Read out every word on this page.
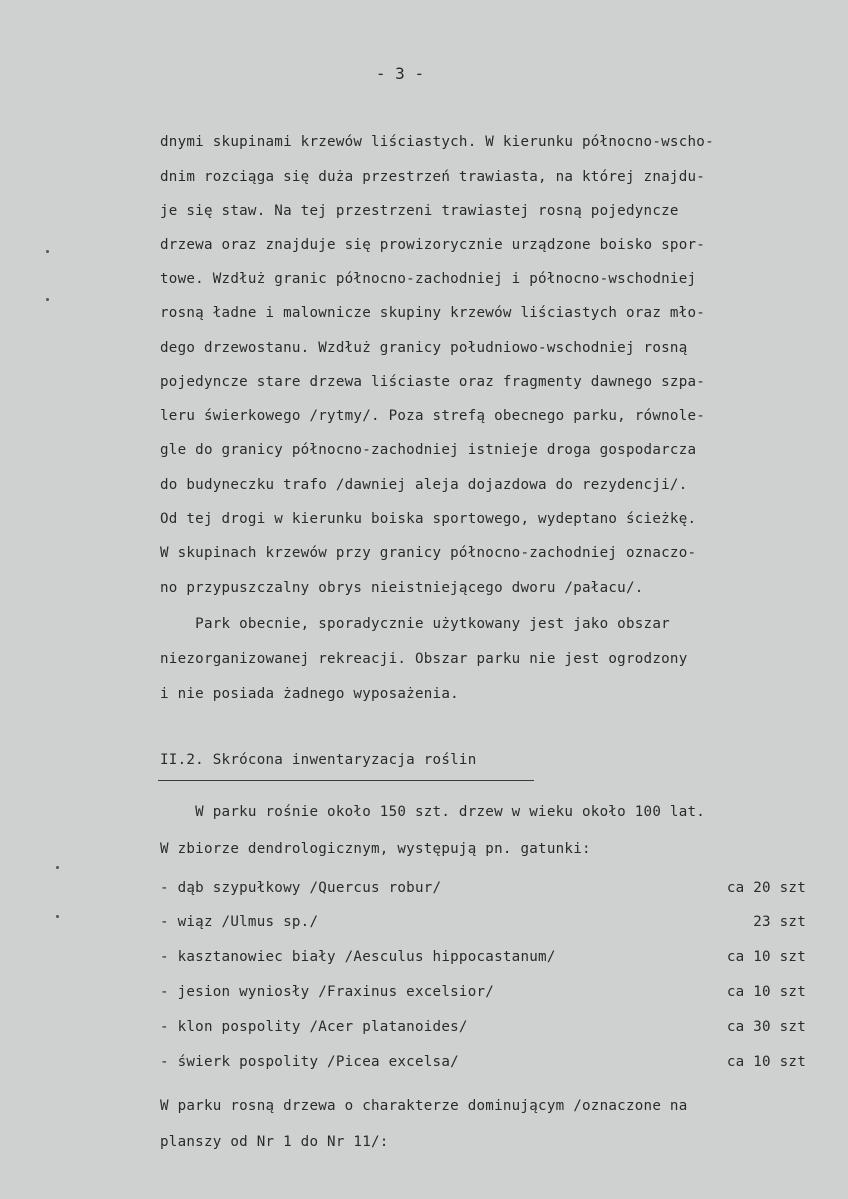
- 3 -
dnymi skupinami krzewów liściastych. W kierunku północno-wscho-
dnim rozciąga się duża przestrzeń trawiasta, na której znajdu-
je się staw. Na tej przestrzeni trawiastej rosną pojedyncze
drzewa oraz znajduje się prowizorycznie urządzone boisko spor-
towe. Wzdłuż granic północno-zachodniej i północno-wschodniej
rosną ładne i malownicze skupiny krzewów liściastych oraz mło-
dego drzewostanu. Wzdłuż granicy południowo-wschodniej rosną
pojedyncze stare drzewa liściaste oraz fragmenty dawnego szpa-
leru świerkowego /rytmy/. Poza strefą obecnego parku, równole-
gle do granicy północno-zachodniej istnieje droga gospodarcza
do budyneczku trafo /dawniej aleja dojazdowa do rezydencji/.
Od tej drogi w kierunku boiska sportowego, wydeptano ścieżkę.
W skupinach krzewów przy granicy północno-zachodniej oznaczo-
no przypuszczalny obrys nieistniejącego dworu /pałacu/.
Park obecnie, sporadycznie użytkowany jest jako obszar
niezorganizowanej rekreacji. Obszar parku nie jest ogrodzony
i nie posiada żadnego wyposażenia.
II.2. Skrócona inwentaryzacja roślin
W parku rośnie około 150 szt. drzew w wieku około 100 lat.
W zbiorze dendrologicznym, występują pn. gatunki:
- dąb szypułkowy /Quercus robur/	ca 20 szt
- wiąz /Ulmus sp./	23 szt
- kasztanowiec biały /Aesculus hippocastanum/	ca 10 szt
- jesion wyniosły /Fraxinus excelsior/	ca 10 szt
- klon pospolity /Acer platanoides/	ca 30 szt
- świerk pospolity /Picea excelsa/	ca 10 szt
W parku rosną drzewa o charakterze dominującym /oznaczone na
planszy od Nr 1 do Nr 11/:
